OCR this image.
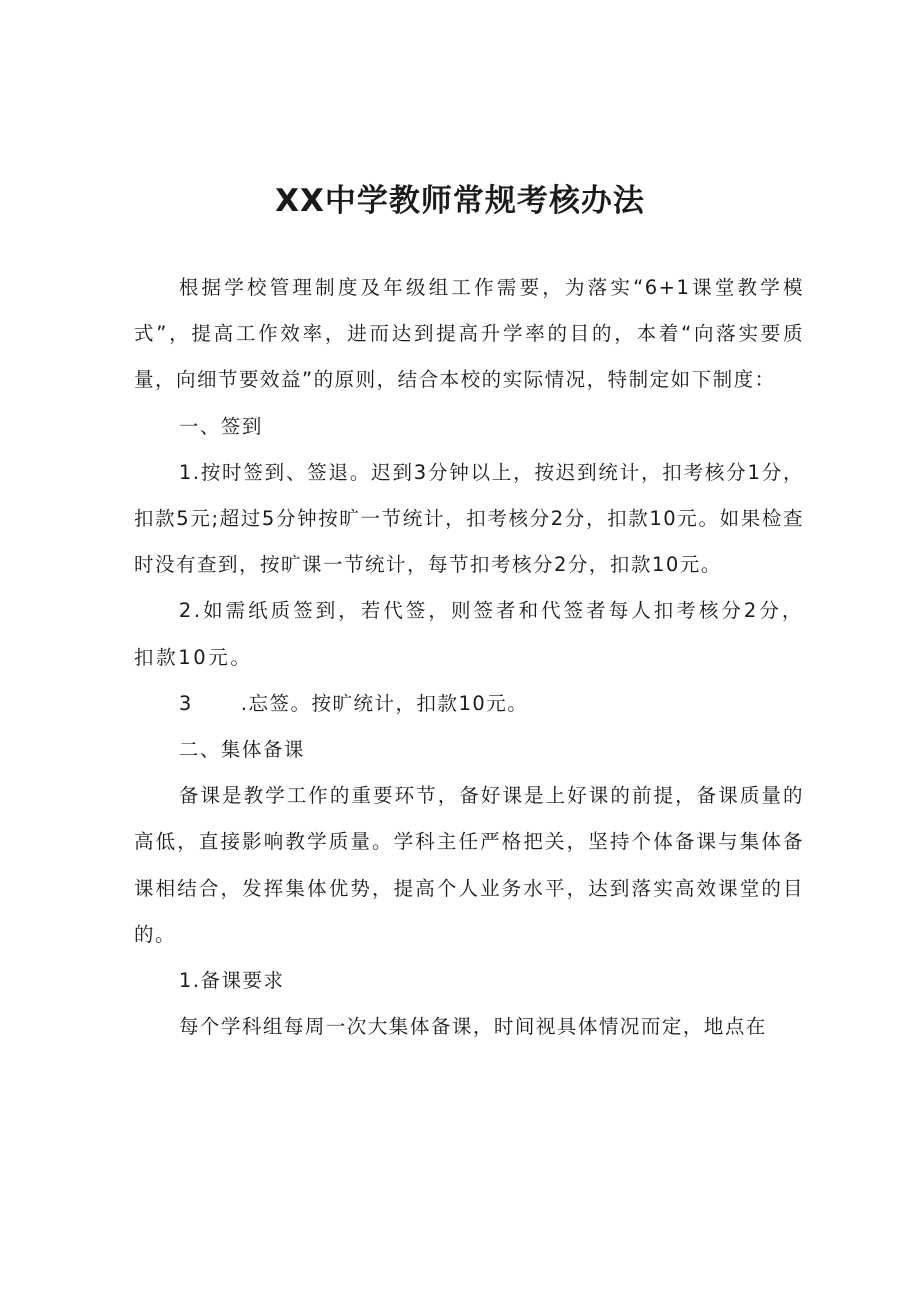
XX中学教师常规考核办法

根据学校管理制度及年级组工作需要，为落实“6+1课堂教学模式”，提高工作效率，进而达到提高升学率的目的，本着“向落实要质量，向细节要效益”的原则，结合本校的实际情况，特制定如下制度：

一、签到

1.按时签到、签退。迟到3分钟以上，按迟到统计，扣考核分1分，扣款5元;超过5分钟按旷一节统计，扣考核分2分，扣款10元。如果检查时没有查到，按旷课一节统计，每节扣考核分2分，扣款10元。

2.如需纸质签到，若代签，则签者和代签者每人扣考核分2分，扣款10元。

3 .忘签。按旷统计，扣款10元。

二、集体备课

备课是教学工作的重要环节，备好课是上好课的前提，备课质量的高低，直接影响教学质量。学科主任严格把关，坚持个体备课与集体备课相结合，发挥集体优势，提高个人业务水平，达到落实高效课堂的目的。

1.备课要求

每个学科组每周一次大集体备课，时间视具体情况而定，地点在
